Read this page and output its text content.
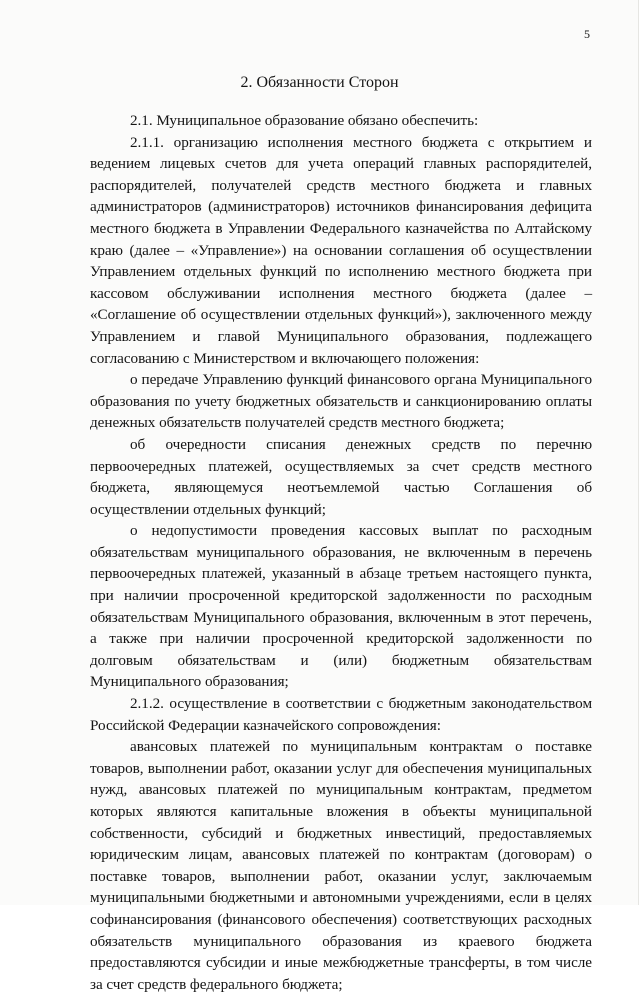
5
2. Обязанности Сторон

2.1. Муниципальное образование обязано обеспечить:

2.1.1. организацию исполнения местного бюджета с открытием и ведением лицевых счетов для учета операций главных распорядителей, распорядителей, получателей средств местного бюджета и главных администраторов (администраторов) источников финансирования дефицита местного бюджета в Управлении Федерального казначейства по Алтайскому краю (далее – «Управление») на основании соглашения об осуществлении Управлением отдельных функций по исполнению местного бюджета при кассовом обслуживании исполнения местного бюджета (далее – «Соглашение об осуществлении отдельных функций»), заключенного между Управлением и главой Муниципального образования, подлежащего согласованию с Министерством и включающего положения:

о передаче Управлению функций финансового органа Муниципального образования по учету бюджетных обязательств и санкционированию оплаты денежных обязательств получателей средств местного бюджета;

об очередности списания денежных средств по перечню первоочередных платежей, осуществляемых за счет средств местного бюджета, являющемуся неотъемлемой частью Соглашения об осуществлении отдельных функций;

о недопустимости проведения кассовых выплат по расходным обязательствам муниципального образования, не включенным в перечень первоочередных платежей, указанный в абзаце третьем настоящего пункта, при наличии просроченной кредиторской задолженности по расходным обязательствам Муниципального образования, включенным в этот перечень, а также при наличии просроченной кредиторской задолженности по долговым обязательствам и (или) бюджетным обязательствам Муниципального образования;

2.1.2. осуществление в соответствии с бюджетным законодательством Российской Федерации казначейского сопровождения:

авансовых платежей по муниципальным контрактам о поставке товаров, выполнении работ, оказании услуг для обеспечения муниципальных нужд, авансовых платежей по муниципальным контрактам, предметом которых являются капитальные вложения в объекты муниципальной собственности, субсидий и бюджетных инвестиций, предоставляемых юридическим лицам, авансовых платежей по контрактам (договорам) о поставке товаров, выполнении работ, оказании услуг, заключаемым муниципальными бюджетными и автономными учреждениями, если в целях софинансирования (финансового обеспечения) соответствующих расходных обязательств муниципального образования из краевого бюджета предоставляются субсидии и иные межбюджетные трансферты, в том числе за счет средств федерального бюджета;
